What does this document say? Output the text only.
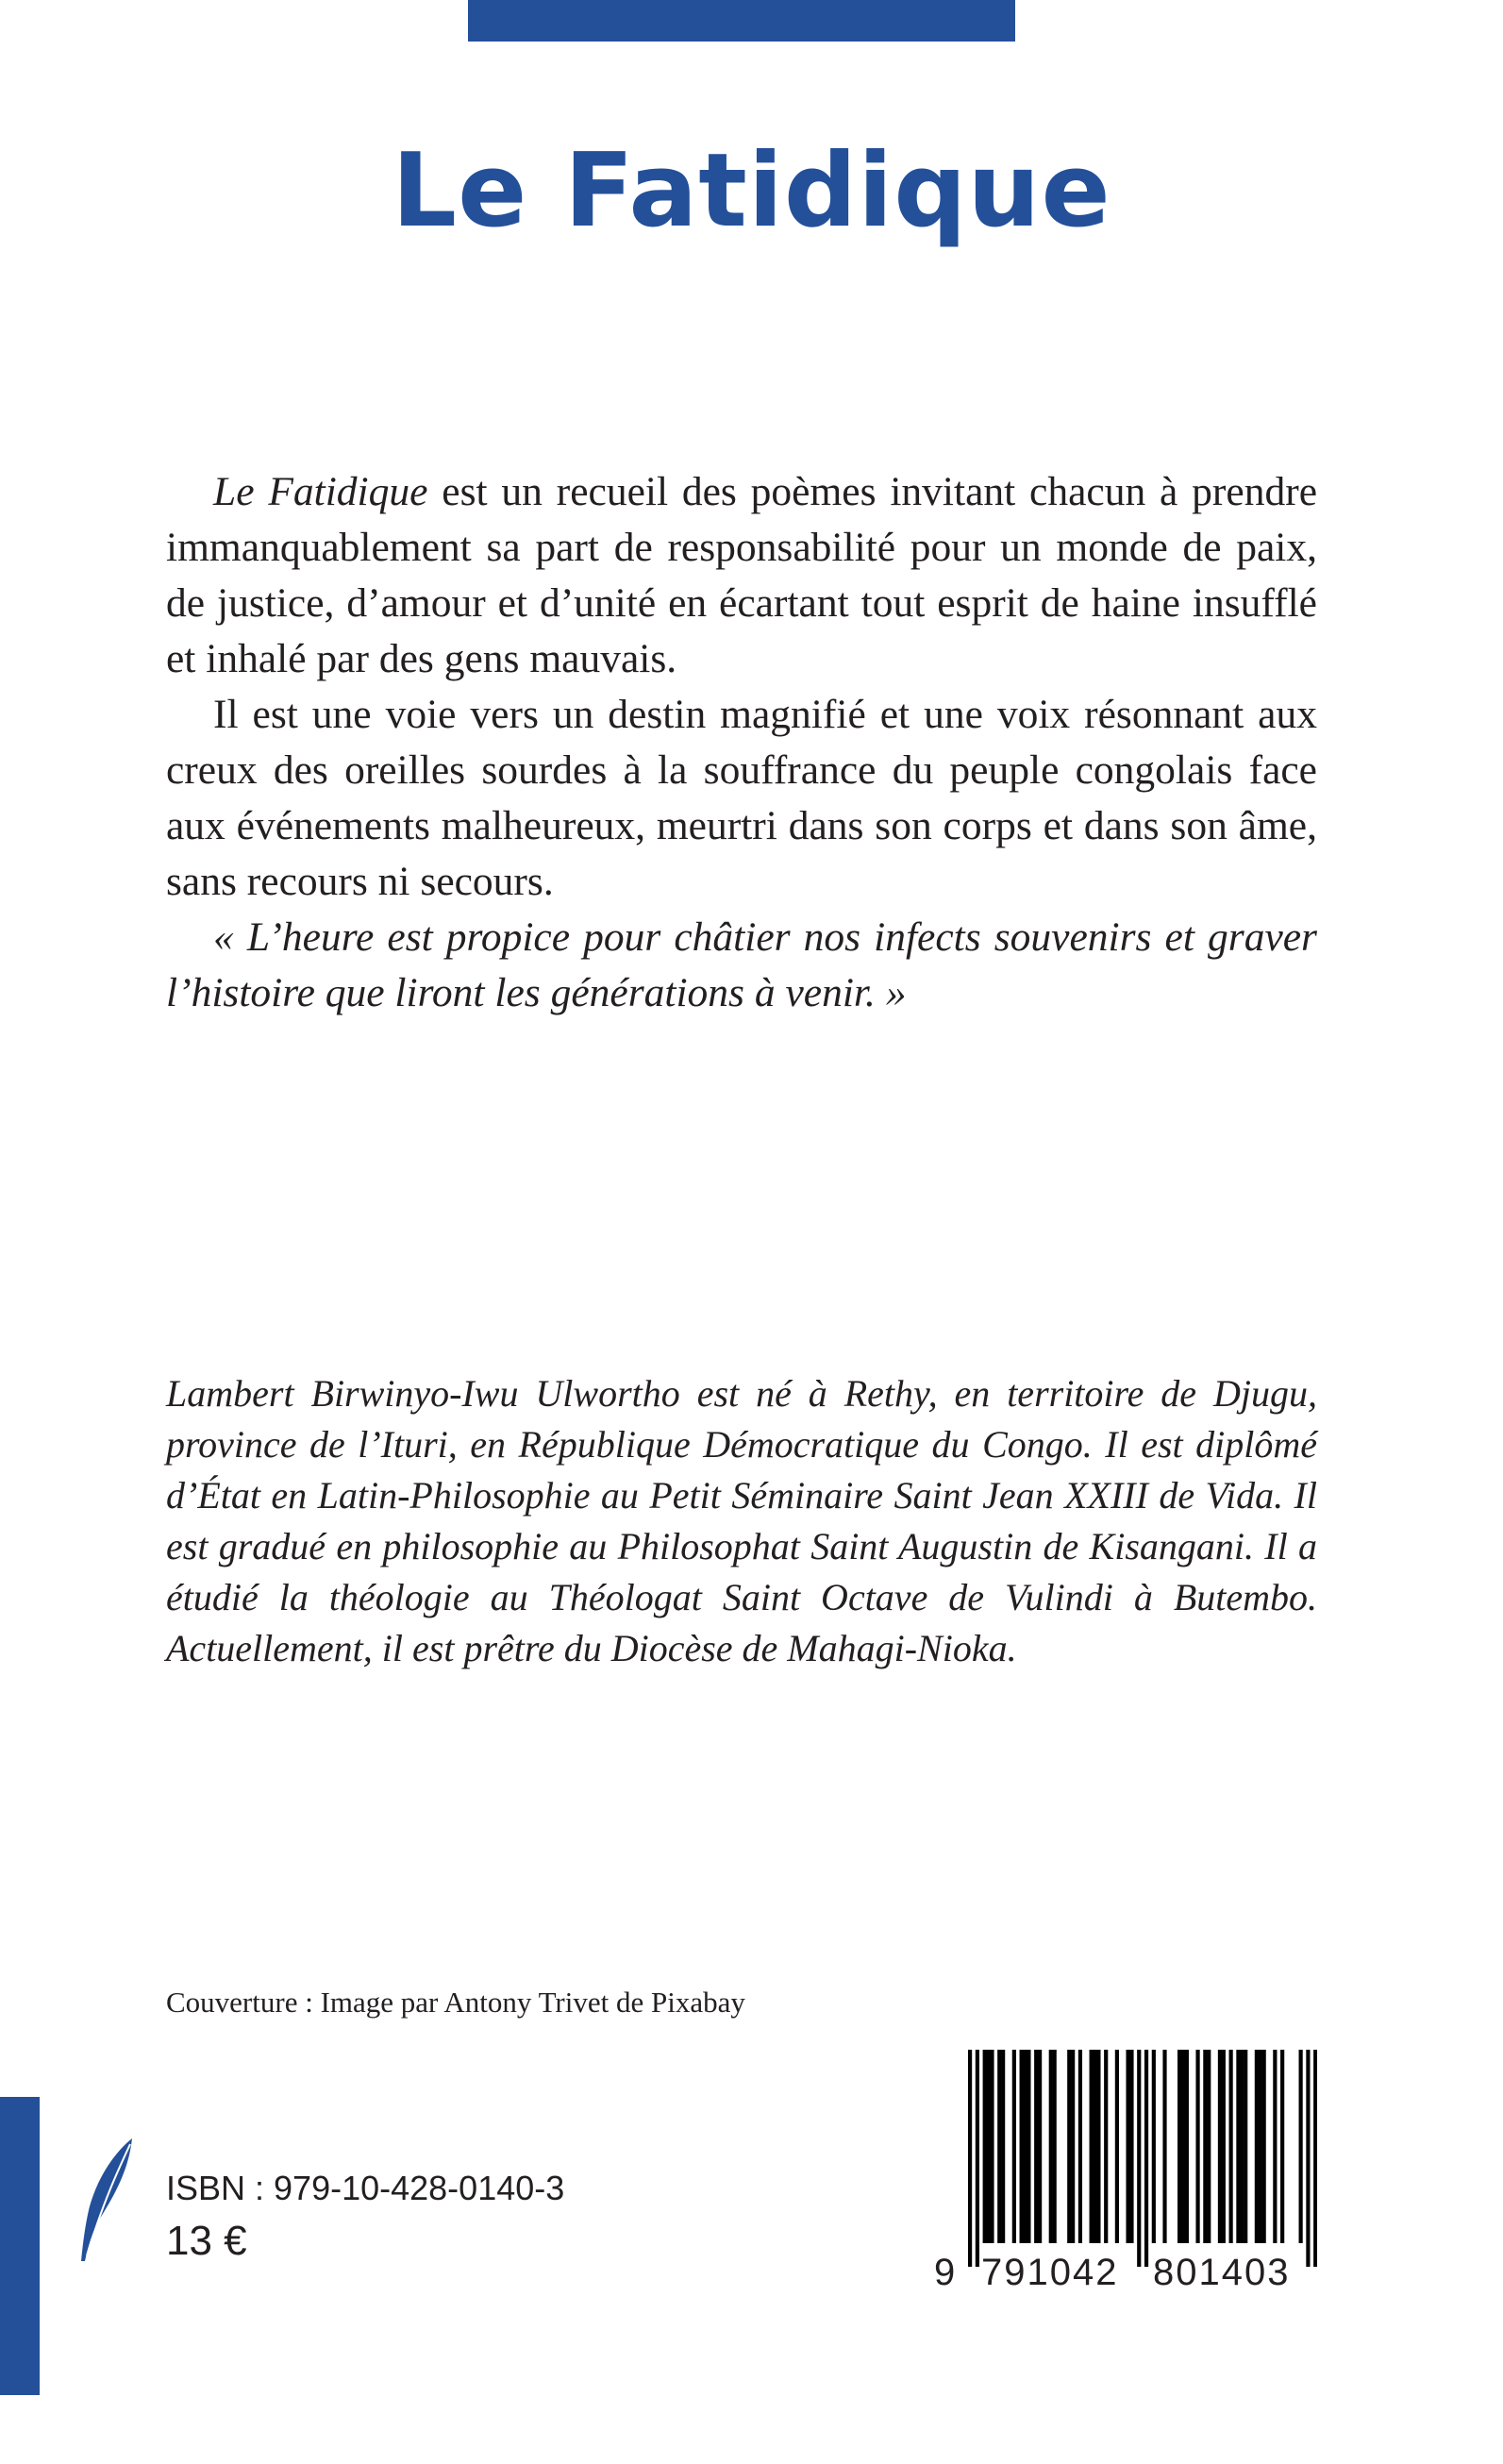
Le Fatidique

Le Fatidique est un recueil des poèmes invitant chacun à prendre immanquablement sa part de responsabilité pour un monde de paix, de justice, d’amour et d’unité en écartant tout esprit de haine insufflé et inhalé par des gens mauvais.

Il est une voie vers un destin magnifié et une voix résonnant aux creux des oreilles sourdes à la souffrance du peuple congolais face aux événements malheureux, meurtri dans son corps et dans son âme, sans recours ni secours.

« L’heure est propice pour châtier nos infects souvenirs et graver l’histoire que liront les générations à venir. »

Lambert Birwinyo-Iwu Ulwortho est né à Rethy, en territoire de Djugu, province de l’Ituri, en République Démocratique du Congo. Il est diplômé d’État en Latin-Philosophie au Petit Séminaire Saint Jean XXIII de Vida. Il est gradué en philosophie au Philosophat Saint Augustin de Kisangani. Il a étudié la théologie au Théologat Saint Octave de Vulindi à Butembo. Actuellement, il est prêtre du Diocèse de Mahagi-Nioka.
Couverture : Image par Antony Trivet de Pixabay
ISBN : 979-10-428-0140-3
13 €

9

791042

801403
